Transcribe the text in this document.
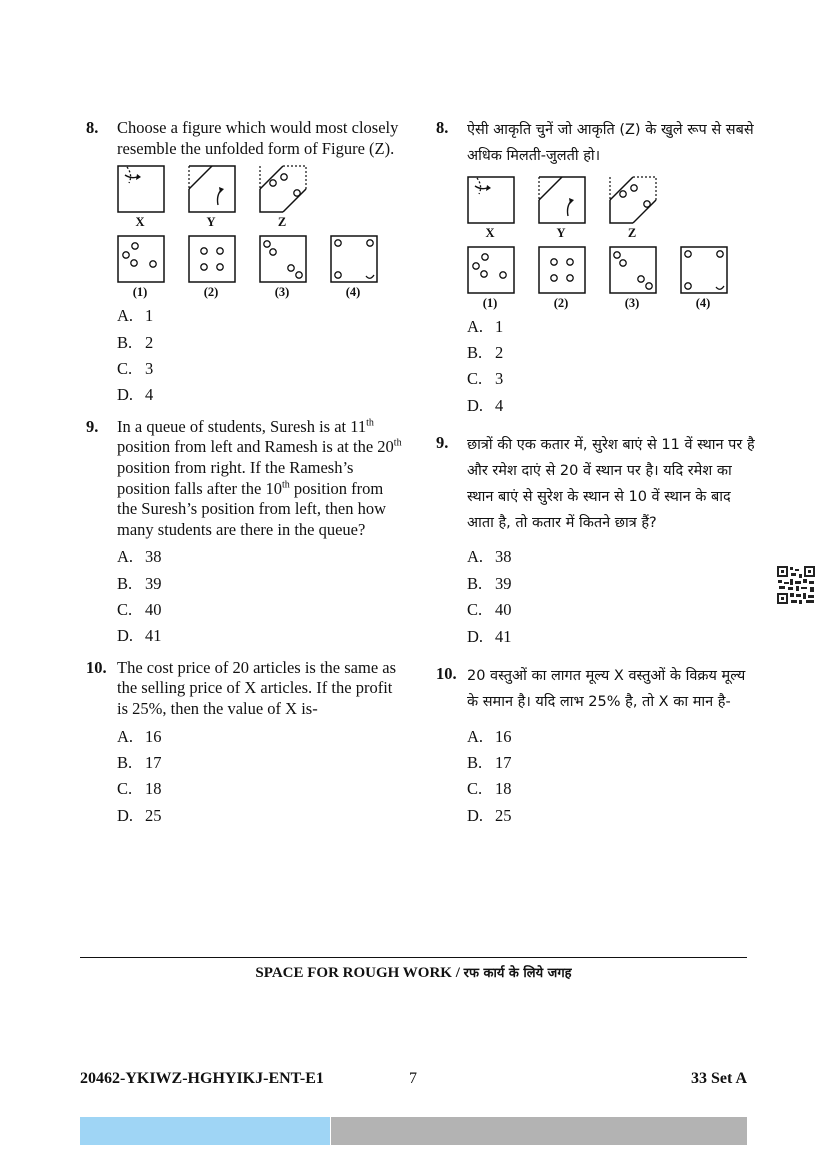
8. Choose a figure which would most closely resemble the unfolded form of Figure (Z).
X	Y	Z
(1)	(2)	(3)	(4)
A. 1
B. 2
C. 3
D. 4
9. In a queue of students, Suresh is at 11th position from left and Ramesh is at the 20th position from right. If the Ramesh’s position falls after the 10th position from the Suresh’s position from left, then how many students are there in the queue?
A. 38
B. 39
C. 40
D. 41
10. The cost price of 20 articles is the same as the selling price of X articles. If the profit is 25%, then the value of X is-
A. 16
B. 17
C. 18
D. 25
8. ऐसी आकृति चुनें जो आकृति (Z) के खुले रूप से सबसे अधिक मिलती-जुलती हो।
X	Y	Z
(1)	(2)	(3)	(4)
A. 1
B. 2
C. 3
D. 4
9. छात्रों की एक कतार में, सुरेश बाएं से 11 वें स्थान पर है और रमेश दाएं से 20 वें स्थान पर है। यदि रमेश का स्थान बाएं से सुरेश के स्थान से 10 वें स्थान के बाद आता है, तो कतार में कितने छात्र हैं?
A. 38
B. 39
C. 40
D. 41
10. 20 वस्तुओं का लागत मूल्य X वस्तुओं के विक्रय मूल्य के समान है। यदि लाभ 25% है, तो X का मान है-
A. 16
B. 17
C. 18
D. 25
SPACE FOR ROUGH WORK / रफ कार्य के लिये जगह
20462-YKIWZ-HGHYIKJ-ENT-E1	7	33 Set A
